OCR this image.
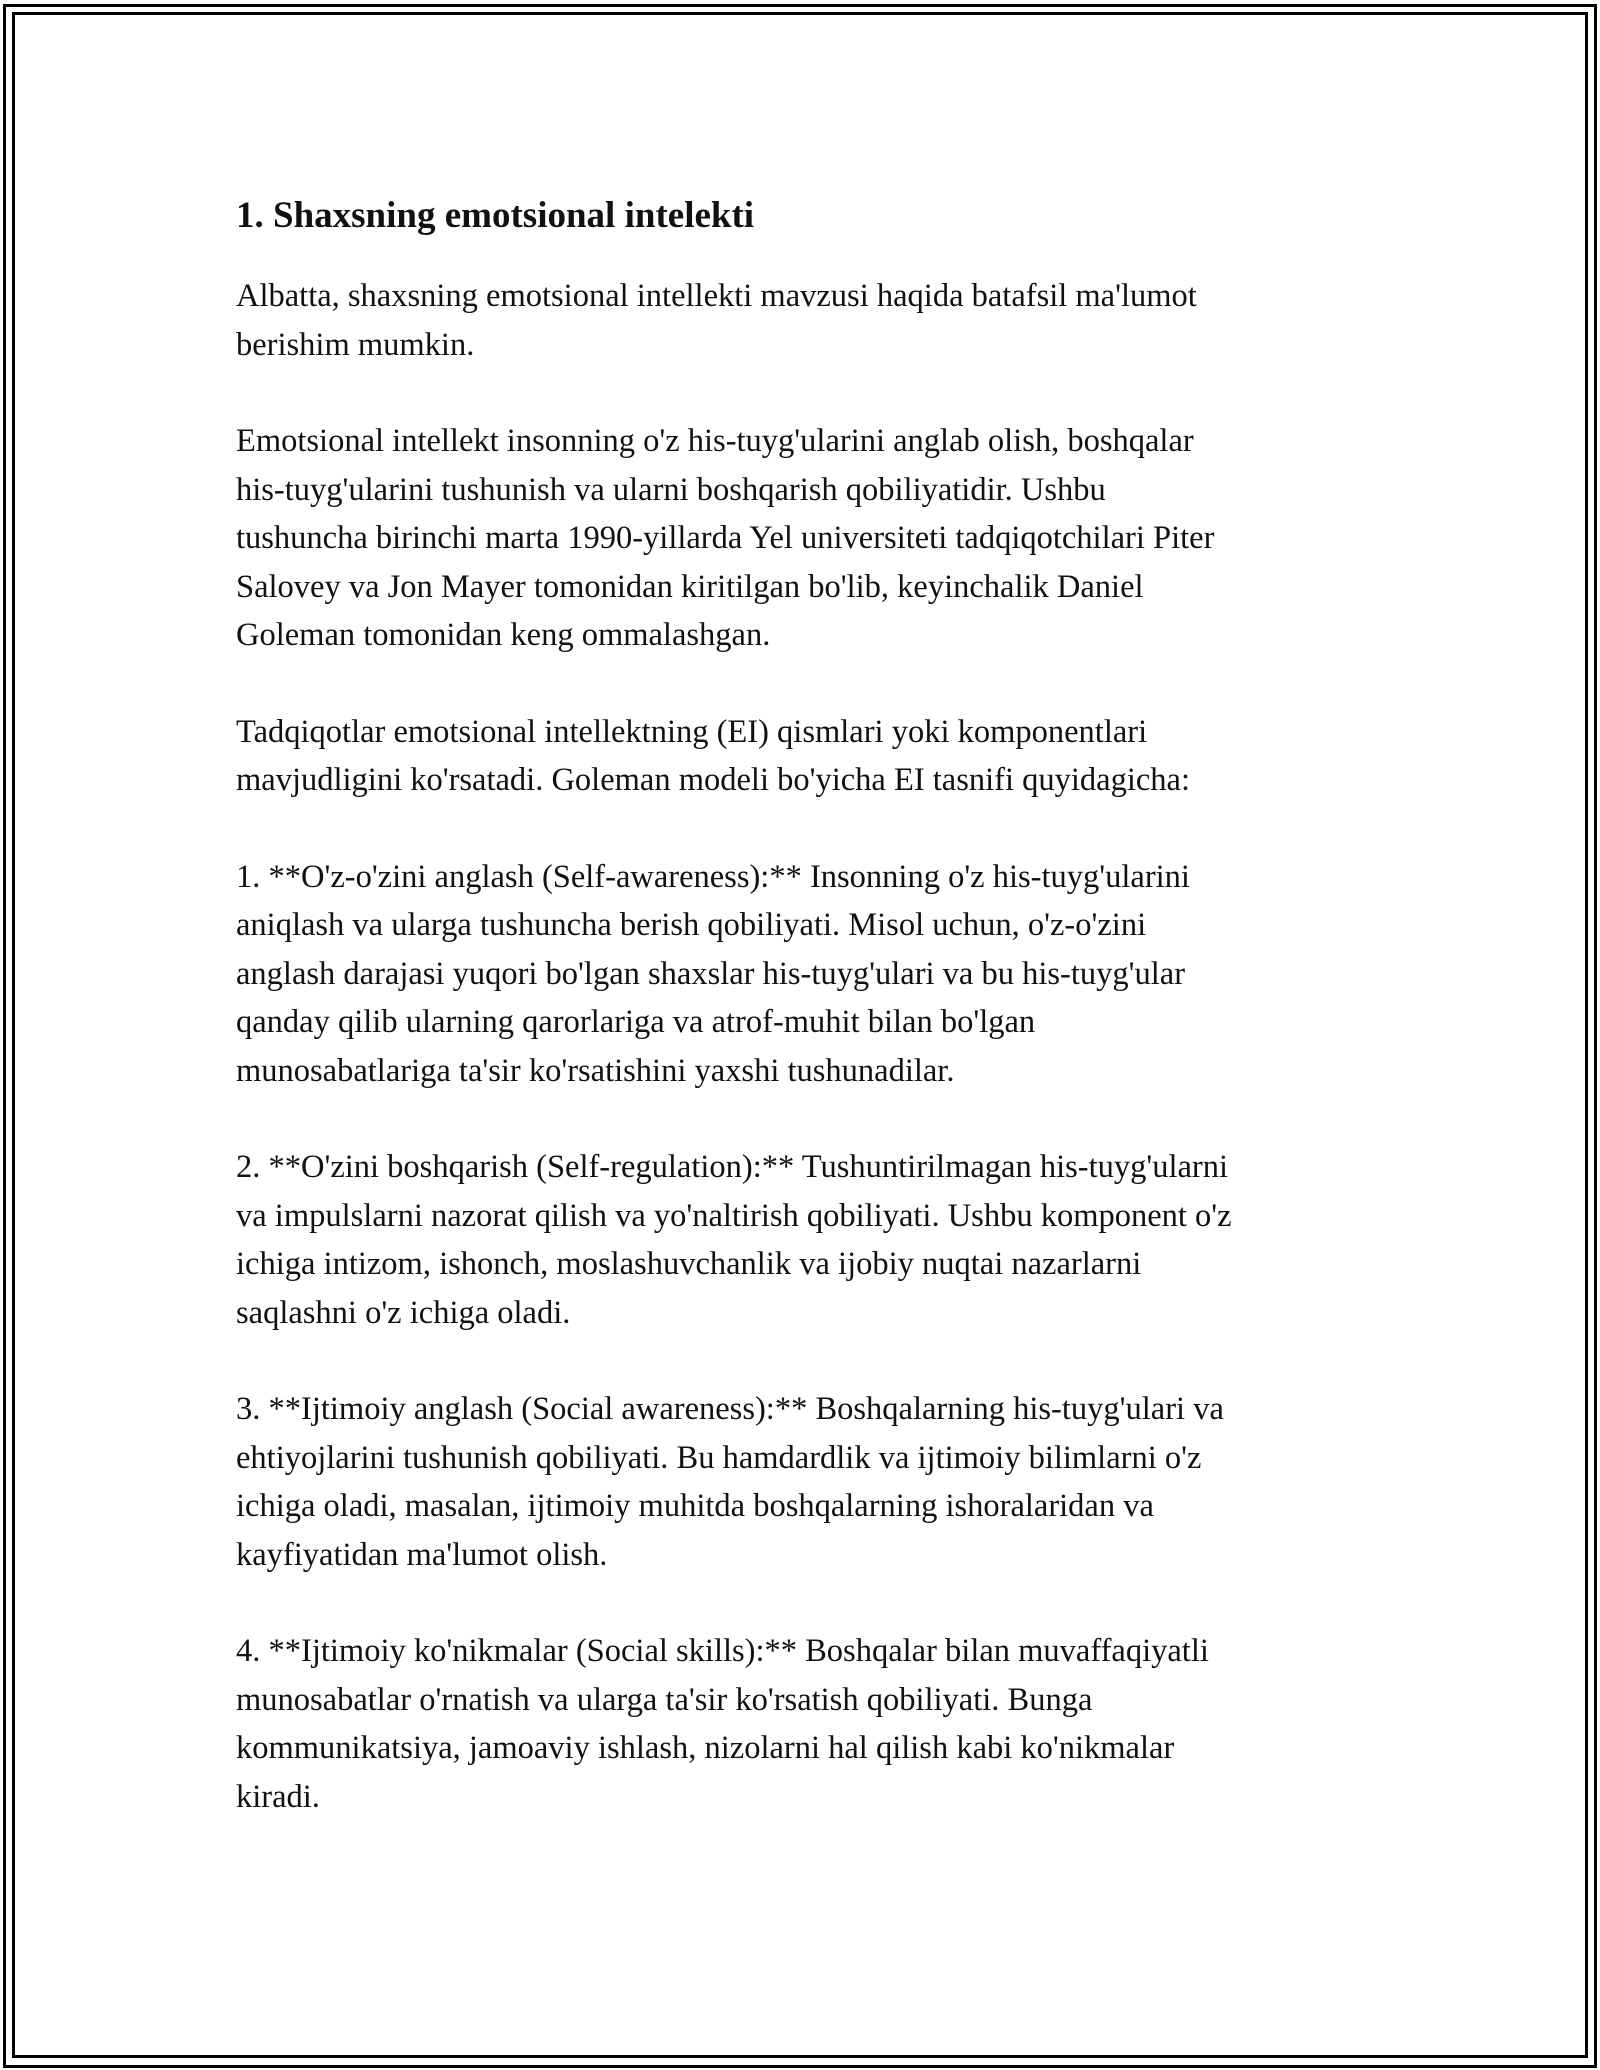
1. Shaxsning emotsional intelekti

Albatta, shaxsning emotsional intellekti mavzusi haqida batafsil ma'lumot
berishim mumkin.

Emotsional intellekt insonning o'z his-tuyg'ularini anglab olish, boshqalar
his-tuyg'ularini tushunish va ularni boshqarish qobiliyatidir. Ushbu
tushuncha birinchi marta 1990-yillarda Yel universiteti tadqiqotchilari Piter
Salovey va Jon Mayer tomonidan kiritilgan bo'lib, keyinchalik Daniel
Goleman tomonidan keng ommalashgan.

Tadqiqotlar emotsional intellektning (EI) qismlari yoki komponentlari
mavjudligini ko'rsatadi. Goleman modeli bo'yicha EI tasnifi quyidagicha:

1. **O'z-o'zini anglash (Self-awareness):** Insonning o'z his-tuyg'ularini
aniqlash va ularga tushuncha berish qobiliyati. Misol uchun, o'z-o'zini
anglash darajasi yuqori bo'lgan shaxslar his-tuyg'ulari va bu his-tuyg'ular
qanday qilib ularning qarorlariga va atrof-muhit bilan bo'lgan
munosabatlariga ta'sir ko'rsatishini yaxshi tushunadilar.

2. **O'zini boshqarish (Self-regulation):** Tushuntirilmagan his-tuyg'ularni
va impulslarni nazorat qilish va yo'naltirish qobiliyati. Ushbu komponent o'z
ichiga intizom, ishonch, moslashuvchanlik va ijobiy nuqtai nazarlarni
saqlashni o'z ichiga oladi.

3. **Ijtimoiy anglash (Social awareness):** Boshqalarning his-tuyg'ulari va
ehtiyojlarini tushunish qobiliyati. Bu hamdardlik va ijtimoiy bilimlarni o'z
ichiga oladi, masalan, ijtimoiy muhitda boshqalarning ishoralaridan va
kayfiyatidan ma'lumot olish.

4. **Ijtimoiy ko'nikmalar (Social skills):** Boshqalar bilan muvaffaqiyatli
munosabatlar o'rnatish va ularga ta'sir ko'rsatish qobiliyati. Bunga
kommunikatsiya, jamoaviy ishlash, nizolarni hal qilish kabi ko'nikmalar
kiradi.
